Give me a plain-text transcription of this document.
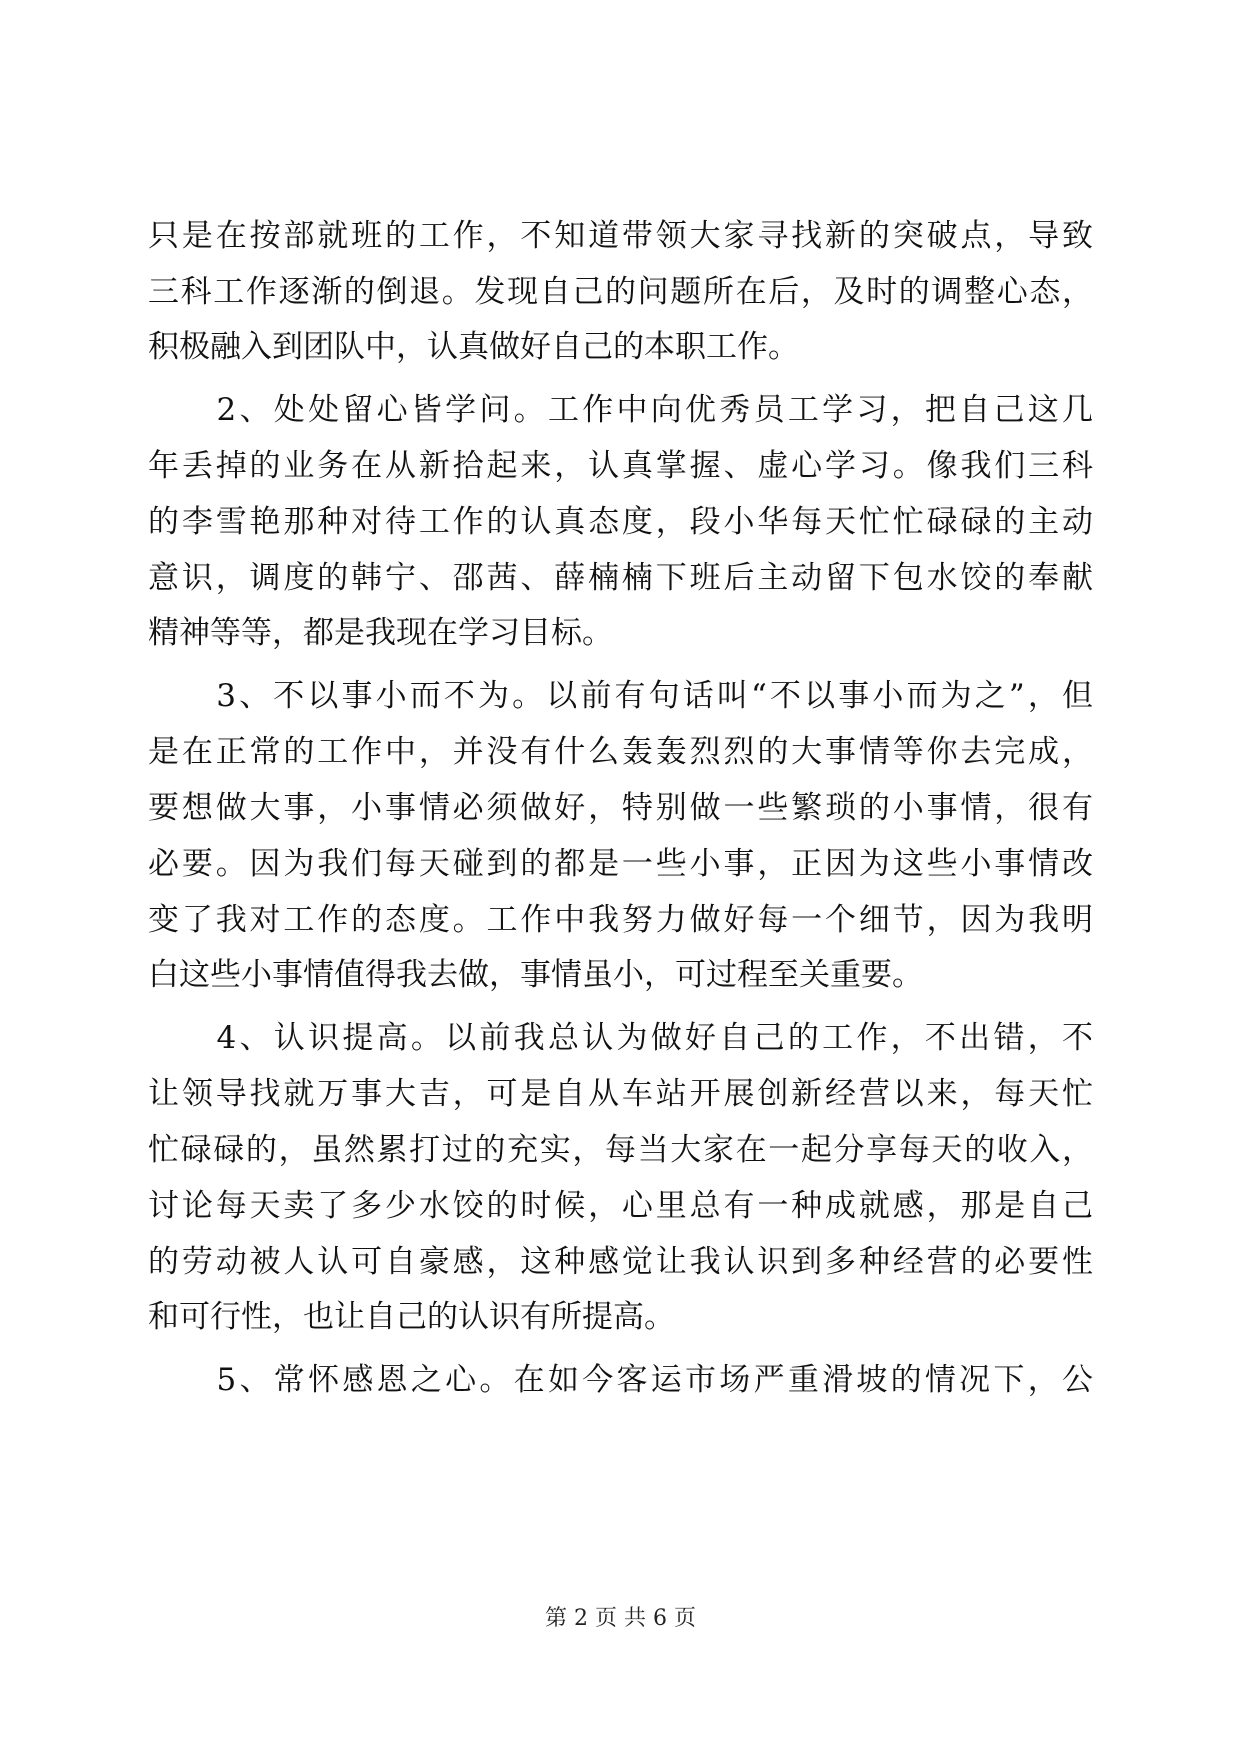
只是在按部就班的工作，不知道带领大家寻找新的突破点，导致
三科工作逐渐的倒退。发现自己的问题所在后，及时的调整心态，
积极融入到团队中，认真做好自己的本职工作。
　　2、处处留心皆学问。工作中向优秀员工学习，把自己这几
年丢掉的业务在从新拾起来，认真掌握、虚心学习。像我们三科
的李雪艳那种对待工作的认真态度，段小华每天忙忙碌碌的主动
意识，调度的韩宁、邵茜、薛楠楠下班后主动留下包水饺的奉献
精神等等，都是我现在学习目标。
　　3、不以事小而不为。以前有句话叫“不以事小而为之”，但
是在正常的工作中，并没有什么轰轰烈烈的大事情等你去完成，
要想做大事，小事情必须做好，特别做一些繁琐的小事情，很有
必要。因为我们每天碰到的都是一些小事，正因为这些小事情改
变了我对工作的态度。工作中我努力做好每一个细节，因为我明
白这些小事情值得我去做，事情虽小，可过程至关重要。
　　4、认识提高。以前我总认为做好自己的工作，不出错，不
让领导找就万事大吉，可是自从车站开展创新经营以来，每天忙
忙碌碌的，虽然累打过的充实，每当大家在一起分享每天的收入，
讨论每天卖了多少水饺的时候，心里总有一种成就感，那是自己
的劳动被人认可自豪感，这种感觉让我认识到多种经营的必要性
和可行性，也让自己的认识有所提高。
　　5、常怀感恩之心。在如今客运市场严重滑坡的情况下，公
第 2 页 共 6 页
